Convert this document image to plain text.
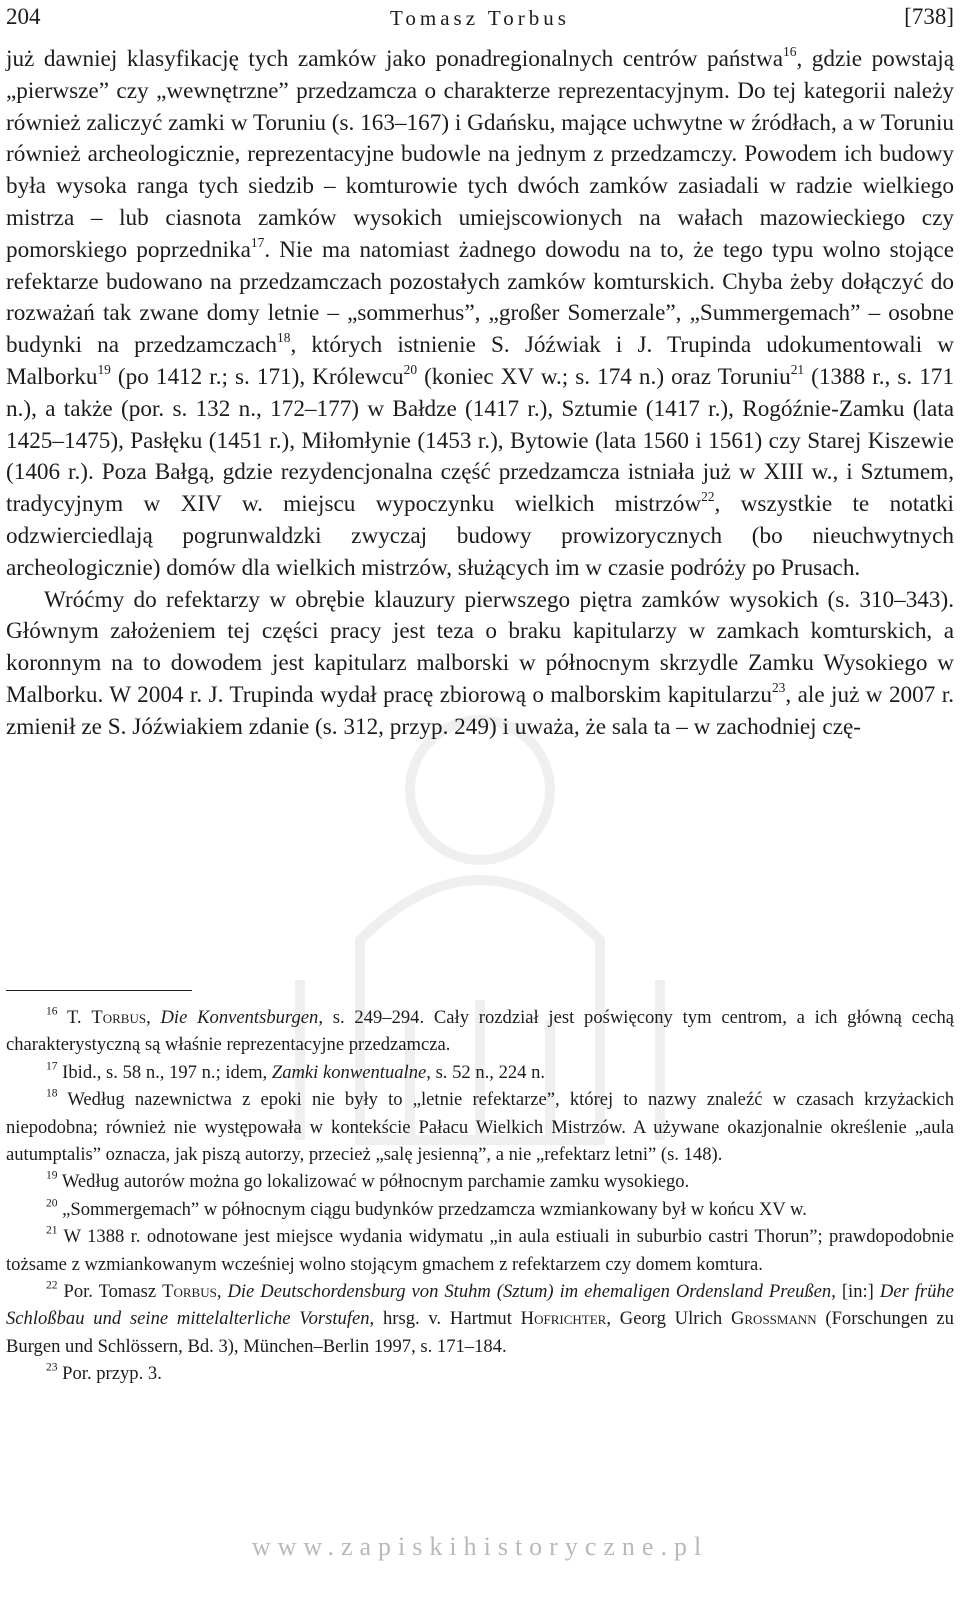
204	Tomasz Torbus	[738]

już dawniej klasyfikację tych zamków jako ponadregionalnych centrów państwa$^{16}$, gdzie powstają „pierwsze” czy „wewnętrzne” przedzamcza o charakterze reprezentacyjnym. Do tej kategorii należy również zaliczyć zamki w Toruniu (s. 163–167) i Gdańsku, mające uchwytne w źródłach, a w Toruniu również archeologicznie, reprezentacyjne budowle na jednym z przedzamczy. Powodem ich budowy była wysoka ranga tych siedzib – komturowie tych dwóch zamków zasiadali w radzie wielkiego mistrza – lub ciasnota zamków wysokich umiejscowionych na wałach mazowieckiego czy pomorskiego poprzednika$^{17}$. Nie ma natomiast żadnego dowodu na to, że tego typu wolno stojące refektarze budowano na przedzamczach pozostałych zamków komturskich. Chyba żeby dołączyć do rozważań tak zwane domy letnie – „sommerhus”, „großer Somerzale”, „Summergemach” – osobne budynki na przedzamczach$^{18}$, których istnienie S. Jóźwiak i J. Trupinda udokumentowali w Malborku$^{19}$ (po 1412 r.; s. 171), Królewcu$^{20}$ (koniec XV w.; s. 174 n.) oraz Toruniu$^{21}$ (1388 r., s. 171 n.), a także (por. s. 132 n., 172–177) w Bałdze (1417 r.), Sztumie (1417 r.), Rogóźnie-Zamku (lata 1425–1475), Pasłęku (1451 r.), Miłomłynie (1453 r.), Bytowie (lata 1560 i 1561) czy Starej Kiszewie (1406 r.). Poza Bałgą, gdzie rezydencjonalna część przedzamcza istniała już w XIII w., i Sztumem, tradycyjnym w XIV w. miejscu wypoczynku wielkich mistrzów$^{22}$, wszystkie te notatki odzwierciedlają pogrunwaldzki zwyczaj budowy prowizorycznych (bo nieuchwytnych archeologicznie) domów dla wielkich mistrzów, służących im w czasie podróży po Prusach.

Wróćmy do refektarzy w obrębie klauzury pierwszego piętra zamków wysokich (s. 310–343). Głównym założeniem tej części pracy jest teza o braku kapitularzy w zamkach komturskich, a koronnym na to dowodem jest kapitularz malborski w północnym skrzydle Zamku Wysokiego w Malborku. W 2004 r. J. Trupinda wydał pracę zbiorową o malborskim kapitularzu$^{23}$, ale już w 2007 r. zmienił ze S. Jóźwiakiem zdanie (s. 312, przyp. 249) i uważa, że sala ta – w zachodniej czę-

$^{16}$ T. Torbus, Die Konventsburgen, s. 249–294. Cały rozdział jest poświęcony tym centrom, a ich główną cechą charakterystyczną są właśnie reprezentacyjne przedzamcza.

$^{17}$ Ibid., s. 58 n., 197 n.; idem, Zamki konwentualne, s. 52 n., 224 n.

$^{18}$ Według nazewnictwa z epoki nie były to „letnie refektarze”, której to nazwy znaleźć w czasach krzyżackich niepodobna; również nie występowała w kontekście Pałacu Wielkich Mistrzów. A używane okazjonalnie określenie „aula autumptalis” oznacza, jak piszą autorzy, przecież „salę jesienną”, a nie „refektarz letni” (s. 148).

$^{19}$ Według autorów można go lokalizować w północnym parchamie zamku wysokiego.

$^{20}$ „Sommergemach” w północnym ciągu budynków przedzamcza wzmiankowany był w końcu XV w.

$^{21}$ W 1388 r. odnotowane jest miejsce wydania widymatu „in aula estiuali in suburbio castri Thorun”; prawdopodobnie tożsame z wzmiankowanym wcześniej wolno stojącym gmachem z refektarzem czy domem komtura.

$^{22}$ Por. Tomasz Torbus, Die Deutschordensburg von Stuhm (Sztum) im ehemaligen Ordensland Preußen, [in:] Der frühe Schloßbau und seine mittelalterliche Vorstufen, hrsg. v. Hartmut Hofrichter, Georg Ulrich Grossmann (Forschungen zu Burgen und Schlössern, Bd. 3), München–Berlin 1997, s. 171–184.

$^{23}$ Por. przyp. 3.

www.zapiskihistoryczne.pl
